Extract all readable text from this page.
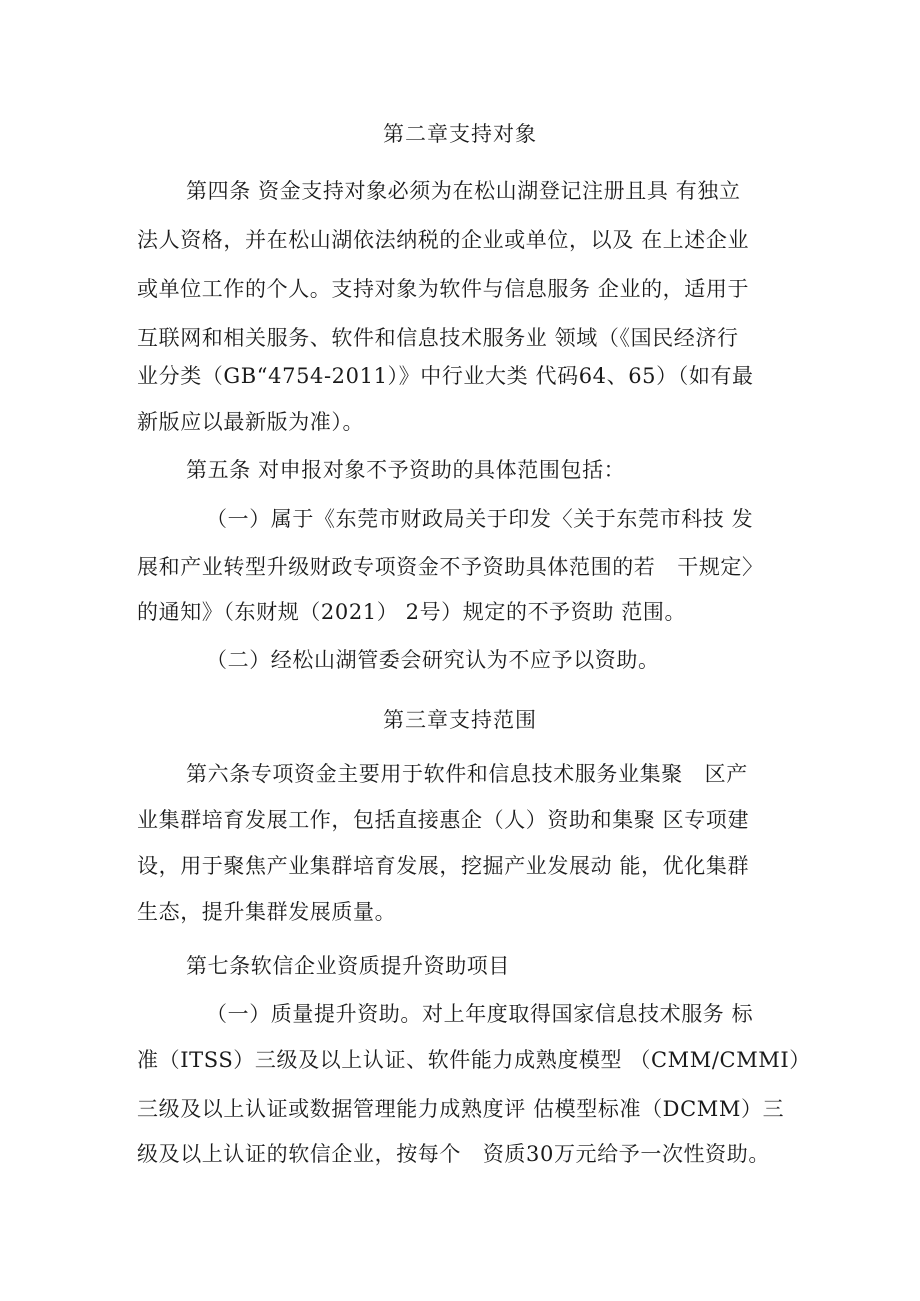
第二章支持对象
第四条 资金支持对象必须为在松山湖登记注册且具 有独立
法人资格，并在松山湖依法纳税的企业或单位，以及 在上述企业
或单位工作的个人。支持对象为软件与信息服务 企业的，适用于
互联网和相关服务、软件和信息技术服务业 领域（《国民经济行
业分类（GB“4754-2011）》中行业大类 代码64、65）（如有最
新版应以最新版为准）。
第五条 对申报对象不予资助的具体范围包括：
（一）属于《东莞市财政局关于印发〈关于东莞市科技 发
展和产业转型升级财政专项资金不予资助具体范围的若   干规定〉
的通知》（东财规（2021） 2号）规定的不予资助 范围。
（二）经松山湖管委会研究认为不应予以资助。
第三章支持范围
第六条专项资金主要用于软件和信息技术服务业集聚   区产
业集群培育发展工作，包括直接惠企（人）资助和集聚 区专项建
设，用于聚焦产业集群培育发展，挖掘产业发展动 能，优化集群
生态，提升集群发展质量。
第七条软信企业资质提升资助项目
（一）质量提升资助。对上年度取得国家信息技术服务 标
准（ITSS）三级及以上认证、软件能力成熟度模型 （CMM/CMMI）
三级及以上认证或数据管理能力成熟度评 估模型标准（DCMM）三
级及以上认证的软信企业，按每个   资质30万元给予一次性资助。
